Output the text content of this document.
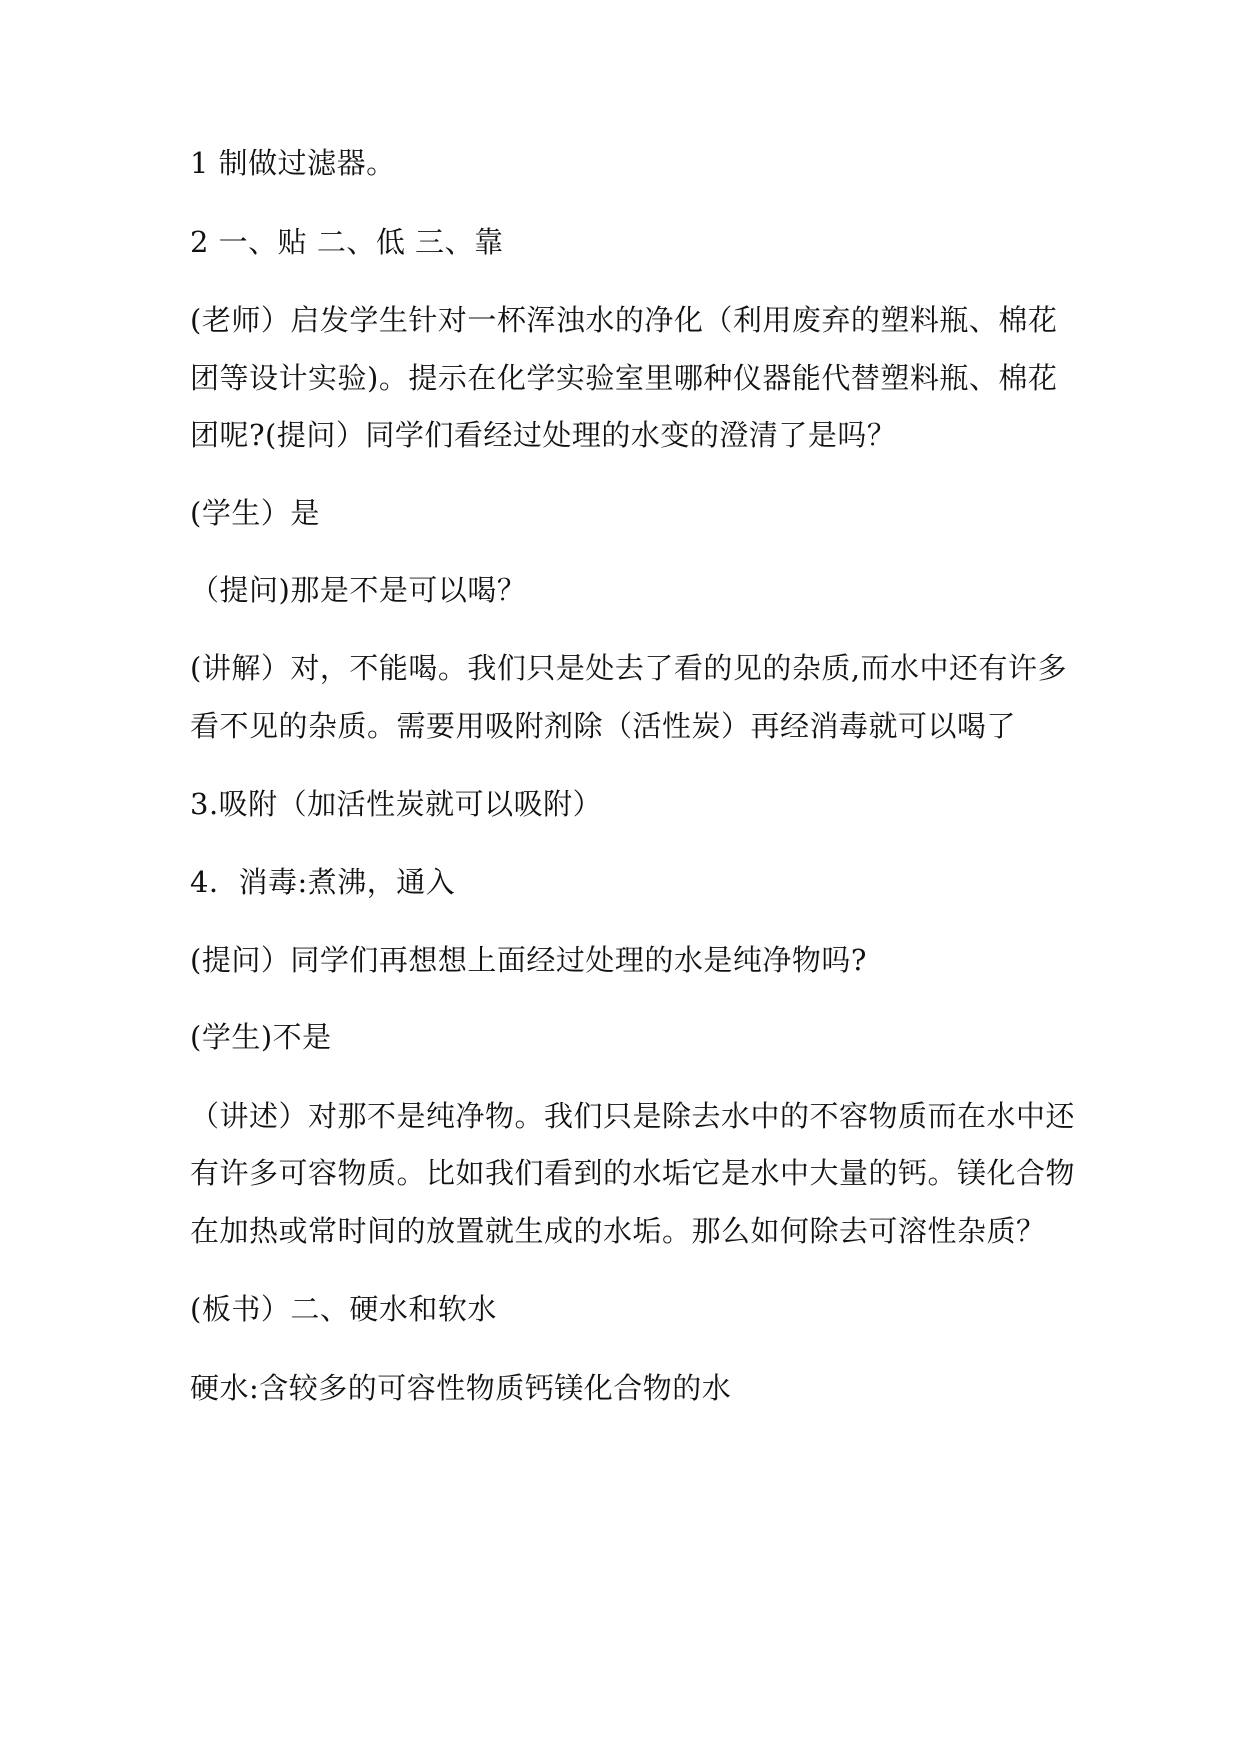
1 制做过滤器。
2 一、贴 二、低 三、靠
(老师）启发学生针对一杯浑浊水的净化（利用废弃的塑料瓶、棉花
团等设计实验)。提示在化学实验室里哪种仪器能代替塑料瓶、棉花
团呢?(提问）同学们看经过处理的水变的澄清了是吗？
(学生）是
（提问)那是不是可以喝？
(讲解）对，不能喝。我们只是处去了看的见的杂质,而水中还有许多
看不见的杂质。需要用吸附剂除（活性炭）再经消毒就可以喝了
3.吸附（加活性炭就可以吸附）
4．消毒:煮沸，通入
(提问）同学们再想想上面经过处理的水是纯净物吗?
(学生)不是
（讲述）对那不是纯净物。我们只是除去水中的不容物质而在水中还
有许多可容物质。比如我们看到的水垢它是水中大量的钙。镁化合物
在加热或常时间的放置就生成的水垢。那么如何除去可溶性杂质？
(板书）二、硬水和软水
硬水:含较多的可容性物质钙镁化合物的水
